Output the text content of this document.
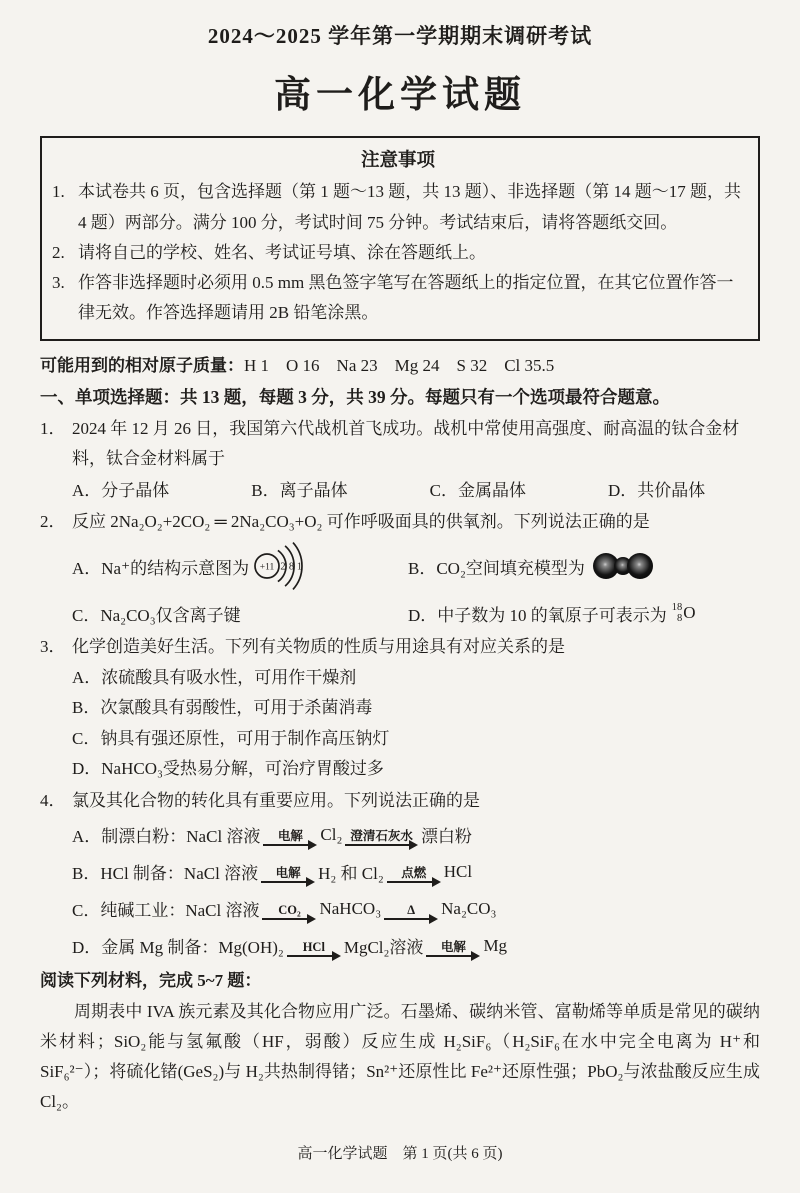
2024～2025 学年第一学期期末调研考试
高一化学试题
注意事项
1. 本试卷共 6 页，包含选择题（第 1 题～13 题，共 13 题）、非选择题（第 14 题～17 题，共 4 题）两部分。满分 100 分，考试时间 75 分钟。考试结束后，请将答题纸交回。
2. 请将自己的学校、姓名、考试证号填、涂在答题纸上。
3. 作答非选择题时必须用 0.5 mm 黑色签字笔写在答题纸上的指定位置，在其它位置作答一律无效。作答选择题请用 2B 铅笔涂黑。
可能用到的相对原子质量：H 1　O 16　Na 23　Mg 24　S 32　Cl 35.5
一、单项选择题：共 13 题，每题 3 分，共 39 分。每题只有一个选项最符合题意。
1． 2024 年 12 月 26 日，我国第六代战机首飞成功。战机中常使用高强度、耐高温的钛合金材料，钛合金材料属于
A．分子晶体	B．离子晶体	C．金属晶体	D．共价晶体
2． 反应 2Na₂O₂+2CO₂ ═ 2Na₂CO₃+O₂ 可作呼吸面具的供氧剂。下列说法正确的是
A． Na⁺的结构示意图为 +11 2 8 1	B． CO₂空间填充模型为
C． Na₂CO₃仅含离子键	D． 中子数为 10 的氧原子可表示为 18
8 O
3． 化学创造美好生活。下列有关物质的性质与用途具有对应关系的是
A．浓硫酸具有吸水性，可用作干燥剂
B．次氯酸具有弱酸性，可用于杀菌消毒
C．钠具有强还原性，可用于制作高压钠灯
D．NaHCO₃受热易分解，可治疗胃酸过多
4． 氯及其化合物的转化具有重要应用。下列说法正确的是
A． 制漂白粉：NaCl 溶液	电解 Cl₂ 澄清石灰水 漂白粉
B． HCl 制备：NaCl 溶液	电解 H₂ 和 Cl₂	点燃 HCl
C． 纯碱工业：NaCl 溶液	CO₂ NaHCO₃	Δ Na₂CO₃
D． 金属 Mg 制备：Mg(OH)₂	HCl MgCl₂溶液	电解 Mg
阅读下列材料，完成 5~7 题：
周期表中 IVA 族元素及其化合物应用广泛。石墨烯、碳纳米管、富勒烯等单质是常见的碳纳米材料；SiO₂能与氢氟酸（HF，弱酸）反应生成 H₂SiF₆（H₂SiF₆在水中完全电离为 H⁺和 SiF₆²⁻）；将硫化锗(GeS₂)与 H₂共热制得锗；Sn²⁺还原性比 Fe²⁺还原性强；PbO₂与浓盐酸反应生成 Cl₂。
高一化学试题　第 1 页(共 6 页)
